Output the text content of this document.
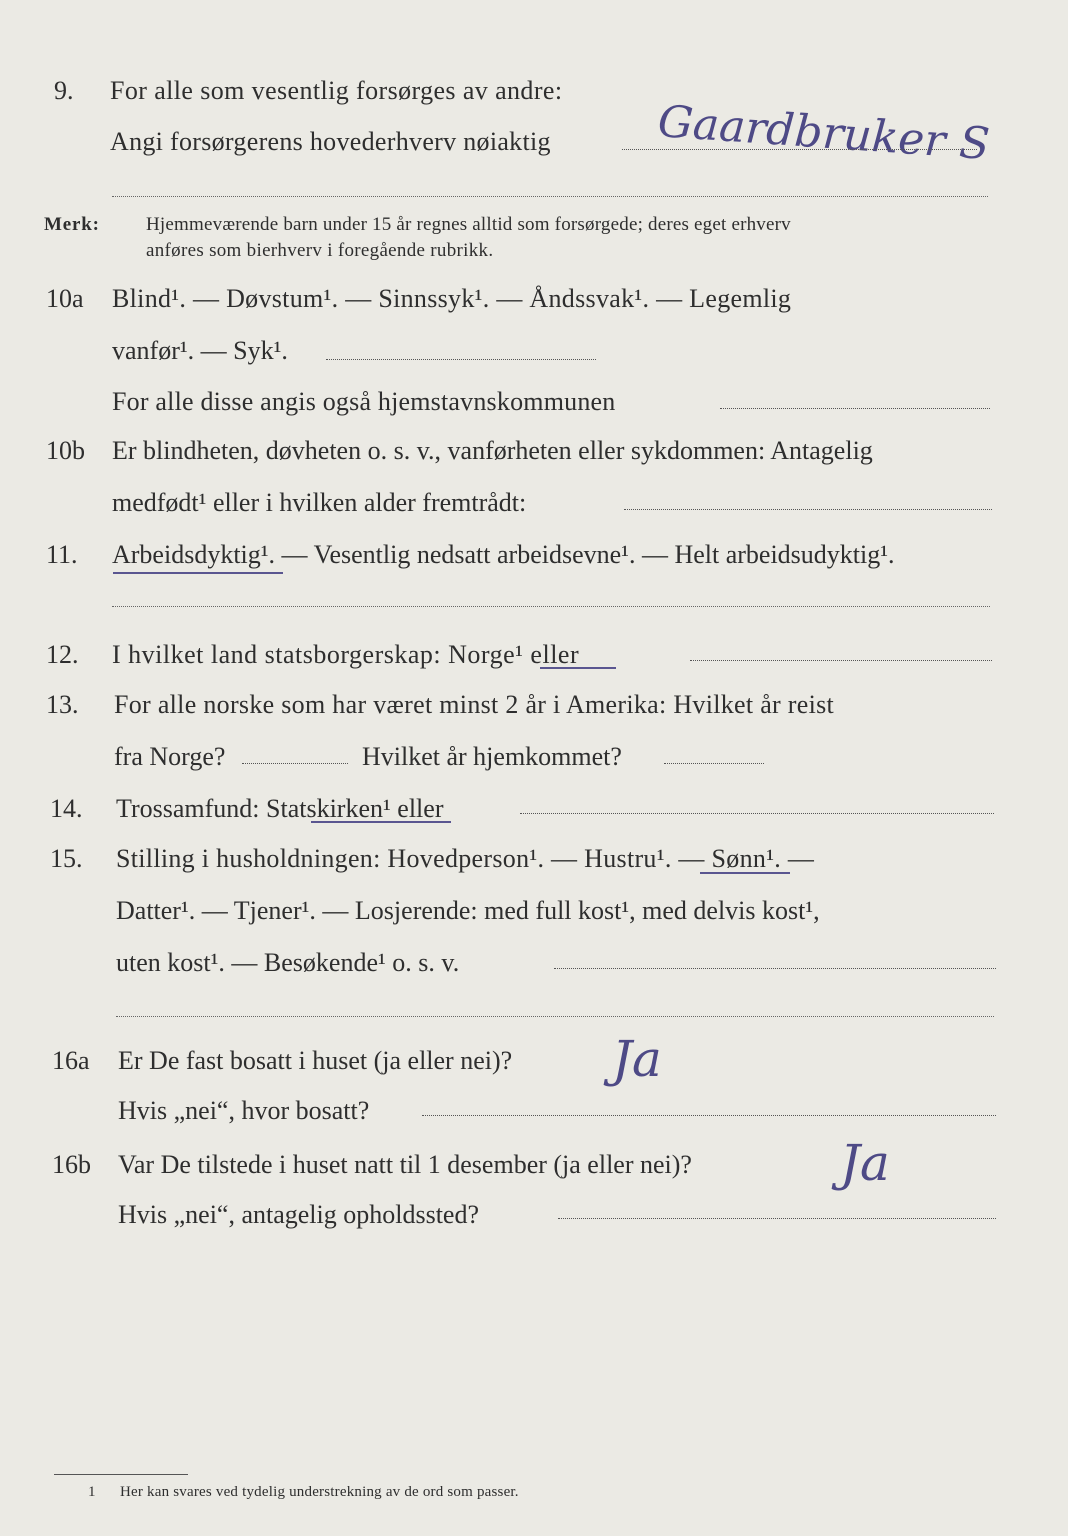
9. For alle som vesentlig forsørges av andre:
Gaardbruker S
Angi forsørgerens hovederhverv nøiaktig
Merk: Hjemmeværende barn under 15 år regnes alltid som forsørgede; deres eget erhverv
anføres som bierhverv i foregående rubrikk.
10a Blind¹. — Døvstum¹. — Sinnssyk¹. — Åndssvak¹. — Legemlig
vanfør¹. — Syk¹.
For alle disse angis også hjemstavnskommunen
10b Er blindheten, døvheten o. s. v., vanførheten eller sykdommen: Antagelig
medfødt¹ eller i hvilken alder fremtrådt:
11. Arbeidsdyktig¹. — Vesentlig nedsatt arbeidsevne¹. — Helt arbeidsudyktig¹.
12. I hvilket land statsborgerskap: Norge¹ eller
13. For alle norske som har været minst 2 år i Amerika: Hvilket år reist
fra Norge?	Hvilket år hjemkommet?
14. Trossamfund: Statskirken¹ eller
15. Stilling i husholdningen: Hovedperson¹. — Hustru¹. — Sønn¹. —
Datter¹. — Tjener¹. — Losjerende: med full kost¹, med delvis kost¹,
uten kost¹. — Besøkende¹ o. s. v.
16a Er De fast bosatt i huset (ja eller nei)? Ja
Hvis „nei“, hvor bosatt?
16b Var De tilstede i huset natt til 1 desember (ja eller nei)?	Ja
Hvis „nei“, antagelig opholdssted?
1 Her kan svares ved tydelig understrekning av de ord som passer.
